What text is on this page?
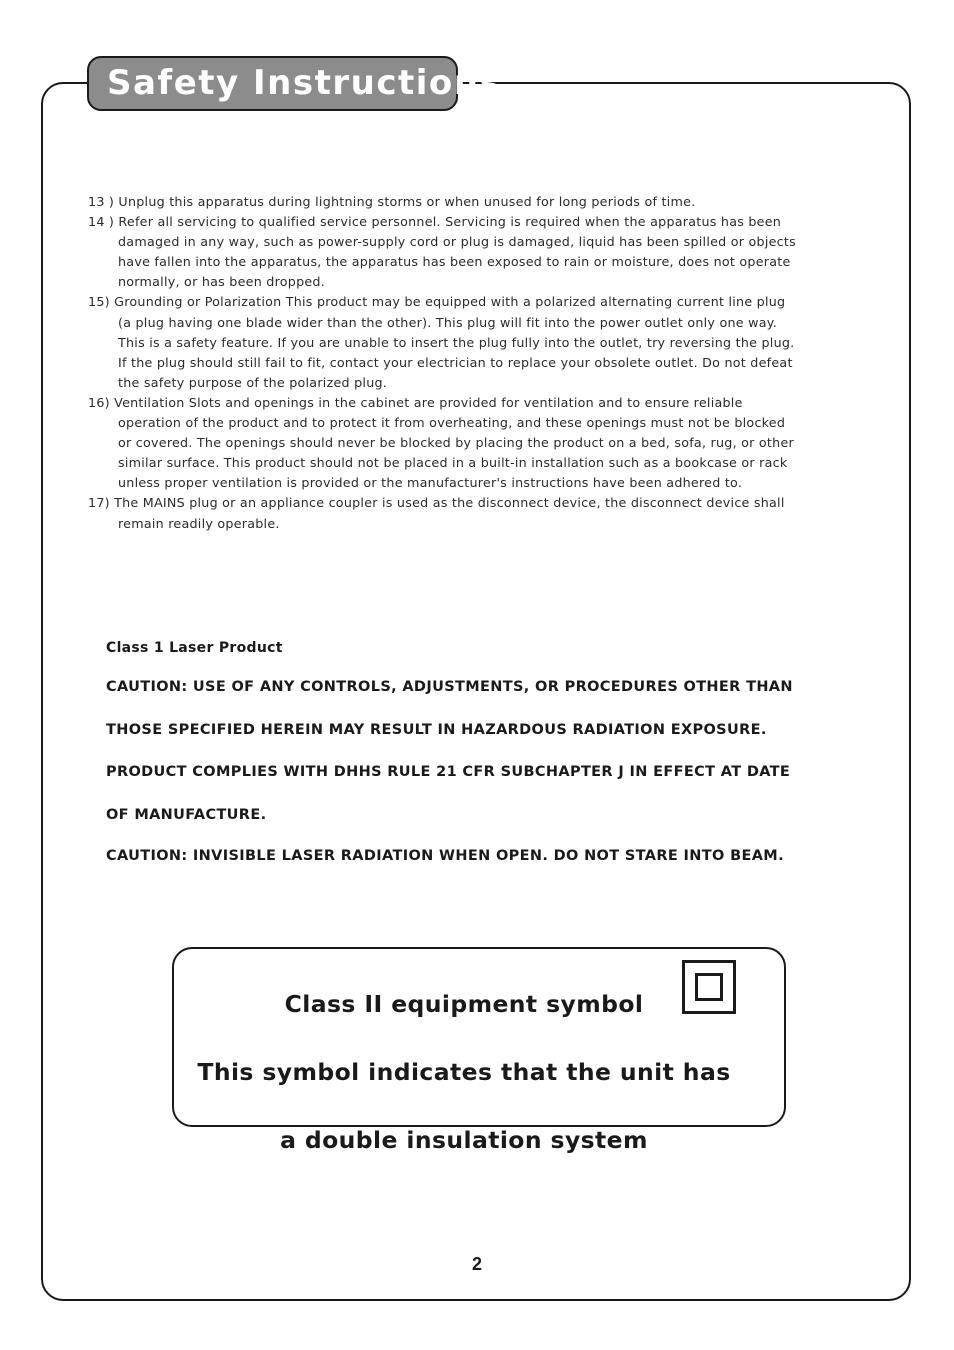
Safety Instructions
13 ) Unplug this apparatus during lightning storms or when unused for long periods of time.
14 ) Refer all servicing to qualified service personnel. Servicing is required when the apparatus has been
damaged in any way, such as power-supply cord or plug is damaged, liquid has been spilled or objects
have fallen into the apparatus, the apparatus has been exposed to rain or moisture, does not operate
normally, or has been dropped.
15) Grounding or Polarization This product may be equipped with a polarized alternating current line plug
(a plug having one blade wider than the other). This plug will fit into the power outlet only one way.
This is a safety feature. If you are unable to insert the plug fully into the outlet, try reversing the plug.
If the plug should still fail to fit, contact your electrician to replace your obsolete outlet. Do not defeat
the safety purpose of the polarized plug.
16) Ventilation Slots and openings in the cabinet are provided for ventilation and to ensure reliable
operation of the product and to protect it from overheating, and these openings must not be blocked
or covered. The openings should never be blocked by placing the product on a bed, sofa, rug, or other
similar surface. This product should not be placed in a built-in installation such as a bookcase or rack
unless proper ventilation is provided or the manufacturer's instructions have been adhered to.
17) The MAINS plug or an appliance coupler is used as the disconnect device, the disconnect device shall
remain readily operable.
Class 1 Laser Product

CAUTION: USE OF ANY CONTROLS, ADJUSTMENTS, OR PROCEDURES OTHER THAN

THOSE SPECIFIED HEREIN MAY RESULT IN HAZARDOUS RADIATION EXPOSURE.

PRODUCT COMPLIES WITH DHHS RULE 21 CFR SUBCHAPTER J IN EFFECT AT DATE

OF MANUFACTURE.

CAUTION: INVISIBLE LASER RADIATION WHEN OPEN. DO NOT STARE INTO BEAM.

Class II equipment symbol

This symbol indicates that the unit has

a double insulation system
2
